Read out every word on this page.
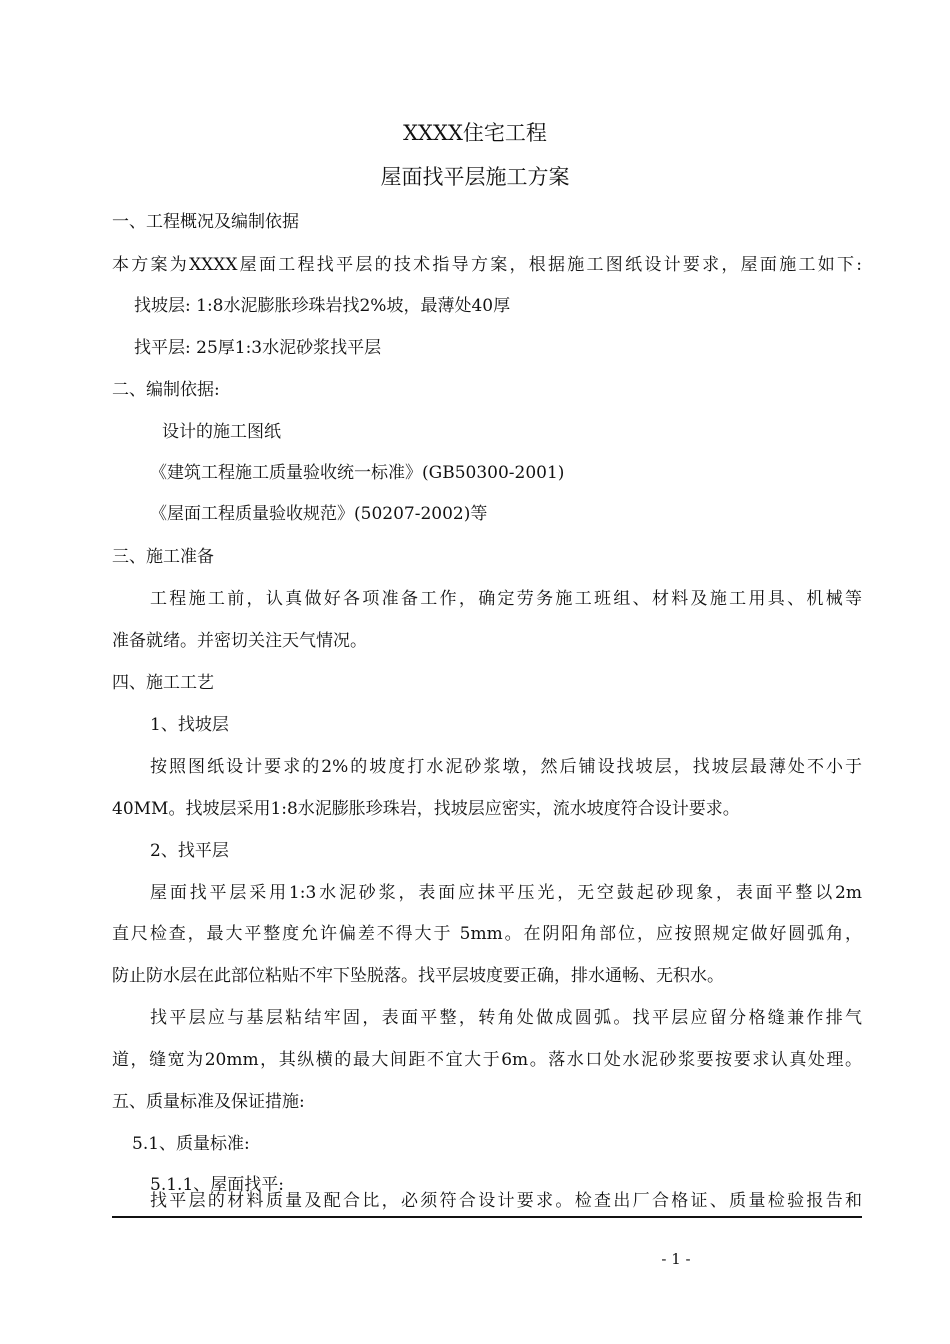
XXXX住宅工程
屋面找平层施工方案
一、工程概况及编制依据
本方案为XXXX屋面工程找平层的技术指导方案，根据施工图纸设计要求，屋面施工如下:
找坡层: 1:8水泥膨胀珍珠岩找2%坡，最薄处40厚
找平层: 25厚1:3水泥砂浆找平层
二、编制依据:
设计的施工图纸
《建筑工程施工质量验收统一标准》(GB50300-2001)
《屋面工程质量验收规范》(50207-2002)等
三、施工准备
工程施工前，认真做好各项准备工作，确定劳务施工班组、材料及施工用具、机械等
准备就绪。并密切关注天气情况。
四、施工工艺
1、找坡层
按照图纸设计要求的2%的坡度打水泥砂浆墩，然后铺设找坡层，找坡层最薄处不小于
40MM。找坡层采用1:8水泥膨胀珍珠岩，找坡层应密实，流水坡度符合设计要求。
2、找平层
屋面找平层采用1:3水泥砂浆，表面应抹平压光，无空鼓起砂现象，表面平整以2m
直尺检查，最大平整度允许偏差不得大于 5mm。在阴阳角部位，应按照规定做好圆弧角，
防止防水层在此部位粘贴不牢下坠脱落。找平层坡度要正确，排水通畅、无积水。
找平层应与基层粘结牢固，表面平整，转角处做成圆弧。找平层应留分格缝兼作排气
道，缝宽为20mm，其纵横的最大间距不宜大于6m。落水口处水泥砂浆要按要求认真处理。
五、质量标准及保证措施:
5.1、质量标准:
5.1.1、屋面找平:
找平层的材料质量及配合比，必须符合设计要求。检查出厂合格证、质量检验报告和
- 1 -
